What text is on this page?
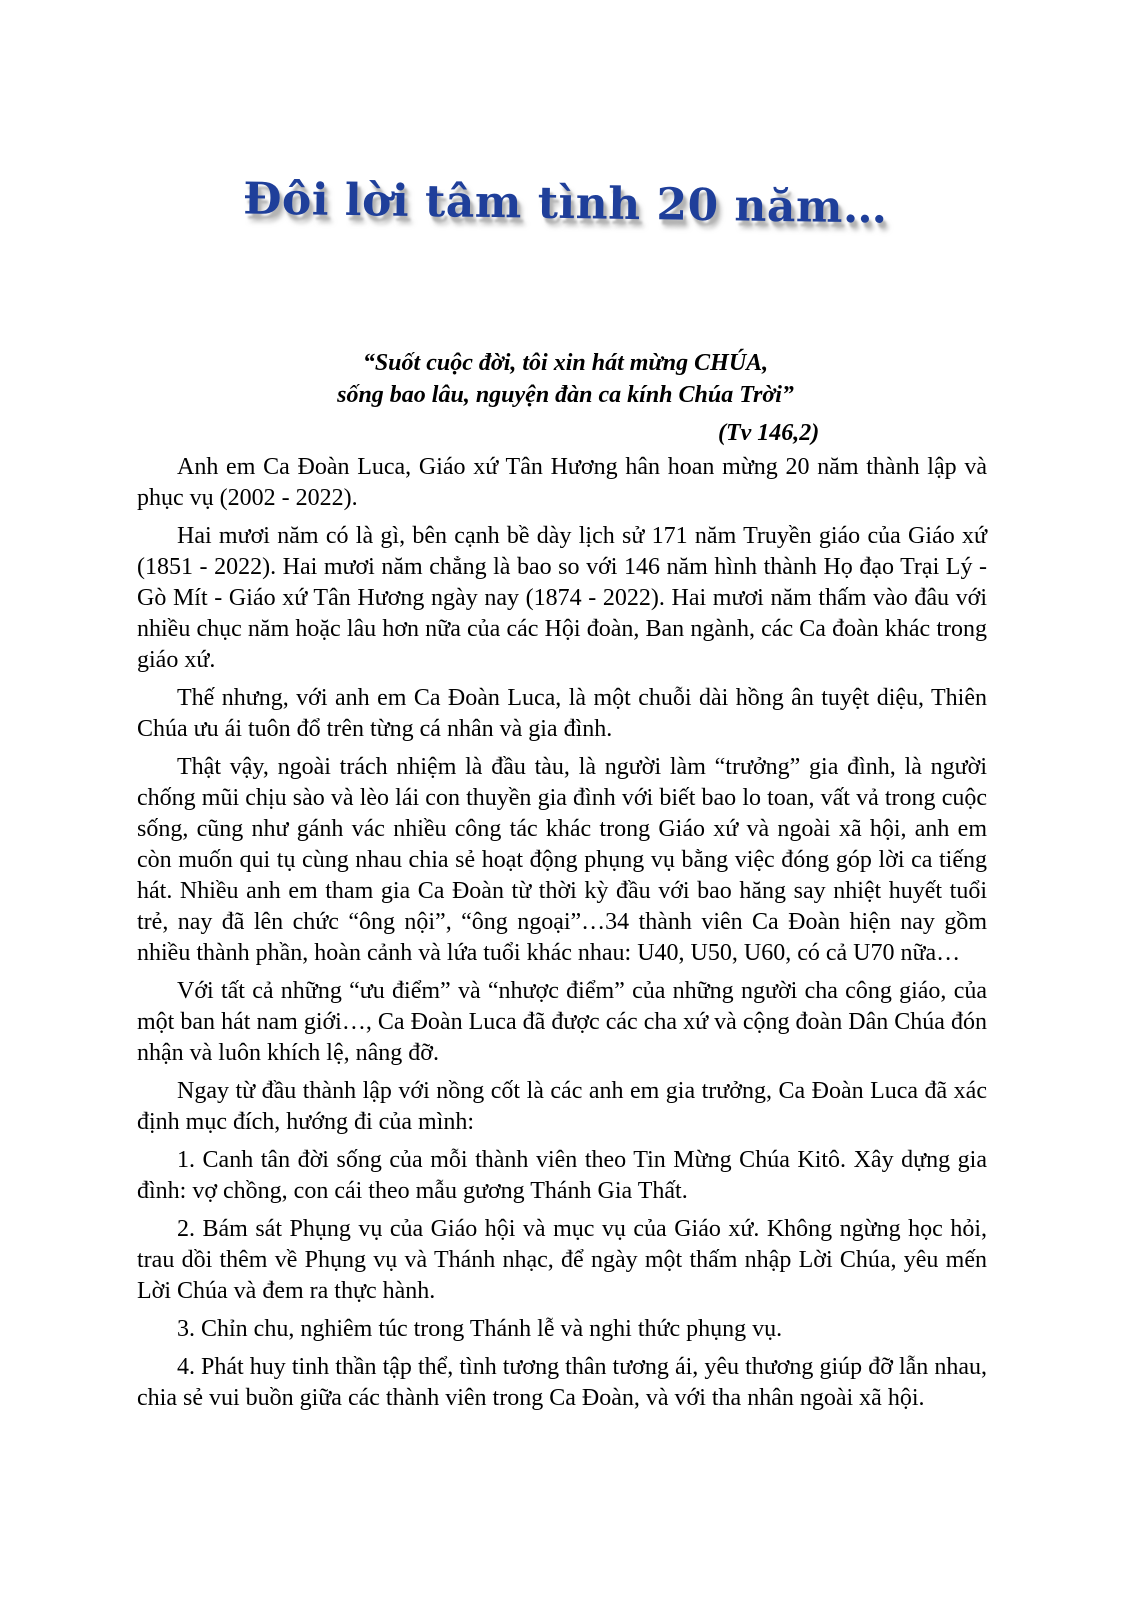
Đôi lời tâm tình 20 năm…
“Suốt cuộc đời, tôi xin hát mừng CHÚA,
sống bao lâu, nguyện đàn ca kính Chúa Trời”
(Tv 146,2)

Anh em Ca Đoàn Luca, Giáo xứ Tân Hương hân hoan mừng 20 năm thành lập và phục vụ (2002 - 2022).

Hai mươi năm có là gì, bên cạnh bề dày lịch sử 171 năm Truyền giáo của Giáo xứ (1851 - 2022). Hai mươi năm chẳng là bao so với 146 năm hình thành Họ đạo Trại Lý - Gò Mít - Giáo xứ Tân Hương ngày nay (1874 - 2022). Hai mươi năm thấm vào đâu với nhiều chục năm hoặc lâu hơn nữa của các Hội đoàn, Ban ngành, các Ca đoàn khác trong giáo xứ.

Thế nhưng, với anh em Ca Đoàn Luca, là một chuỗi dài hồng ân tuyệt diệu, Thiên Chúa ưu ái tuôn đổ trên từng cá nhân và gia đình.

Thật vậy, ngoài trách nhiệm là đầu tàu, là người làm “trưởng” gia đình, là người chống mũi chịu sào và lèo lái con thuyền gia đình với biết bao lo toan, vất vả trong cuộc sống, cũng như gánh vác nhiều công tác khác trong Giáo xứ và ngoài xã hội, anh em còn muốn qui tụ cùng nhau chia sẻ hoạt động phụng vụ bằng việc đóng góp lời ca tiếng hát. Nhiều anh em tham gia Ca Đoàn từ thời kỳ đầu với bao hăng say nhiệt huyết tuổi trẻ, nay đã lên chức “ông nội”, “ông ngoại”…34 thành viên Ca Đoàn hiện nay gồm nhiều thành phần, hoàn cảnh và lứa tuổi khác nhau: U40, U50, U60, có cả U70 nữa…

Với tất cả những “ưu điểm” và “nhược điểm” của những người cha công giáo, của một ban hát nam giới…, Ca Đoàn Luca đã được các cha xứ và cộng đoàn Dân Chúa đón nhận và luôn khích lệ, nâng đỡ.

Ngay từ đầu thành lập với nồng cốt là các anh em gia trưởng, Ca Đoàn Luca đã xác định mục đích, hướng đi của mình:

1. Canh tân đời sống của mỗi thành viên theo Tin Mừng Chúa Kitô. Xây dựng gia đình: vợ chồng, con cái theo mẫu gương Thánh Gia Thất.

2. Bám sát Phụng vụ của Giáo hội và mục vụ của Giáo xứ. Không ngừng học hỏi, trau dồi thêm về Phụng vụ và Thánh nhạc, để ngày một thấm nhập Lời Chúa, yêu mến Lời Chúa và đem ra thực hành.

3. Chỉn chu, nghiêm túc trong Thánh lễ và nghi thức phụng vụ.

4. Phát huy tinh thần tập thể, tình tương thân tương ái, yêu thương giúp đỡ lẫn nhau, chia sẻ vui buồn giữa các thành viên trong Ca Đoàn, và với tha nhân ngoài xã hội.
